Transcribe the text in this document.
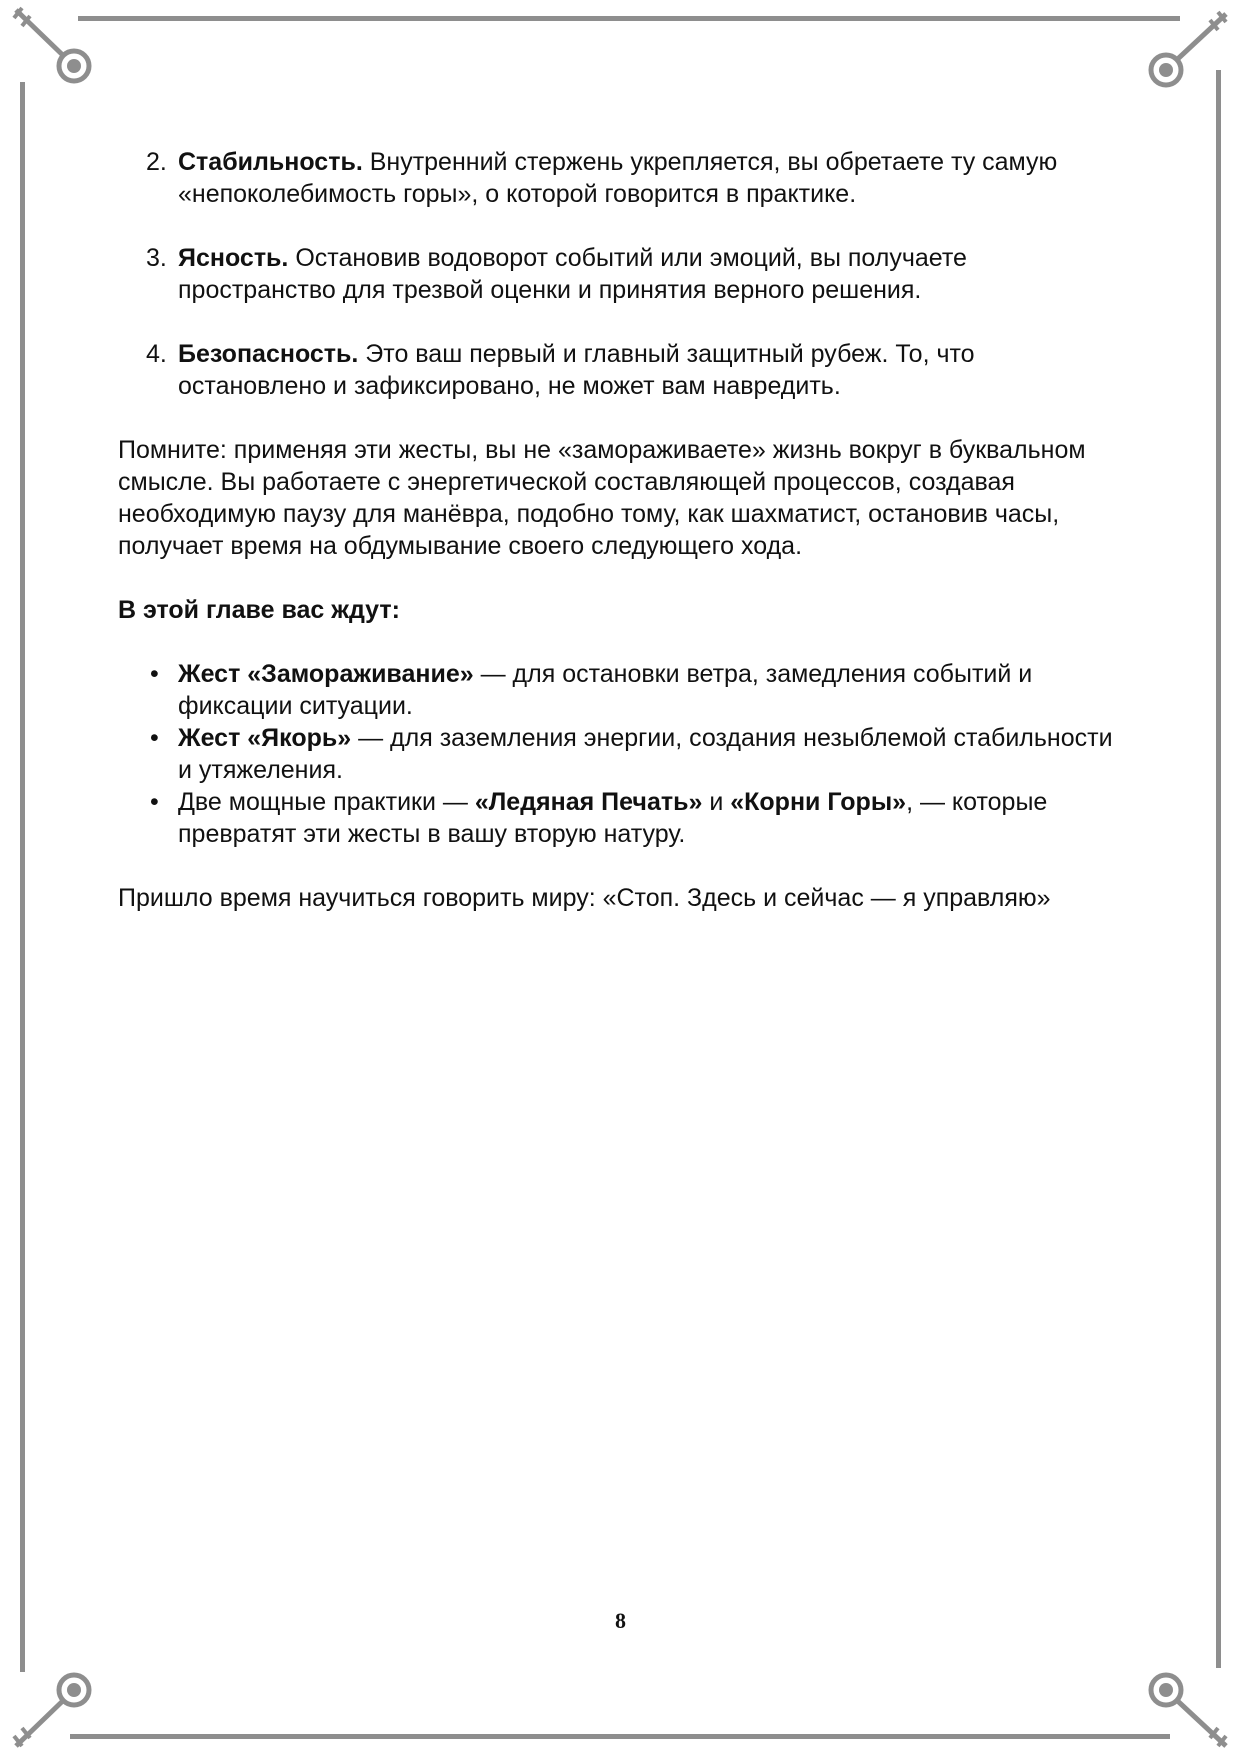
2. Стабильность. Внутренний стержень укрепляется, вы обретаете ту самую «непоколебимость горы», о которой говорится в практике.
3. Ясность. Остановив водоворот событий или эмоций, вы получаете пространство для трезвой оценки и принятия верного решения.
4. Безопасность. Это ваш первый и главный защитный рубеж. То, что остановлено и зафиксировано, не может вам навредить.

Помните: применяя эти жесты, вы не «замораживаете» жизнь вокруг в буквальном смысле. Вы работаете с энергетической составляющей процессов, создавая необходимую паузу для манёвра, подобно тому, как шахматист, остановив часы, получает время на обдумывание своего следующего хода.

В этой главе вас ждут:

• Жест «Замораживание» — для остановки ветра, замедления событий и фиксации ситуации.
• Жест «Якорь» — для заземления энергии, создания незыблемой стабильности и утяжеления.
• Две мощные практики — «Ледяная Печать» и «Корни Горы», — которые превратят эти жесты в вашу вторую натуру.

Пришло время научиться говорить миру: «Стоп. Здесь и сейчас — я управляю»

8
